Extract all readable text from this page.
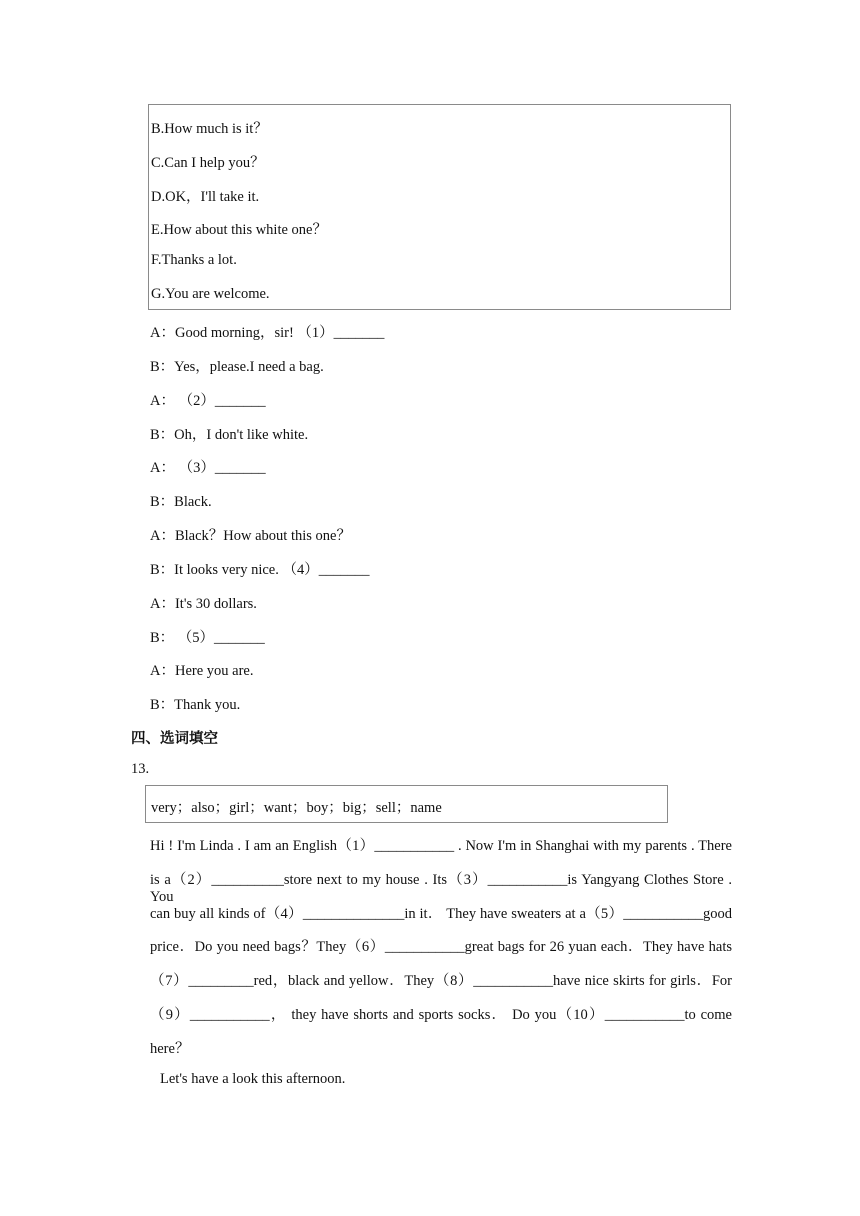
B.How much is it？
C.Can I help you？
D.OK，I'll take it.
E.How about this white one？
F.Thanks a lot.
G.You are welcome.
A：Good morning，sir! （1）_______
B：Yes，please.I need a bag.
A： （2）_______
B：Oh，I don't like white.
A： （3）_______
B：Black.
A：Black？How about this one？
B：It looks very nice. （4）_______
A：It's 30 dollars.
B： （5）_______
A：Here you are.
B：Thank you.
四、选词填空
13.
very；also；girl；want；boy；big；sell；name
Hi ! I'm Linda . I am an English（1）___________ . Now I'm in Shanghai with my parents . There
is a（2）__________store next to my house . Its（3）___________is Yangyang Clothes Store . You
can buy all kinds of（4）______________in it． They have sweaters at a（5）___________good
price．Do you need bags？They（6）___________great bags for 26 yuan each．They have hats
（7）_________red，black and yellow．They（8）___________have nice skirts for girls．For
（9）___________， they have shorts and sports socks． Do you（10）___________to come
here？
Let's have a look this afternoon.
